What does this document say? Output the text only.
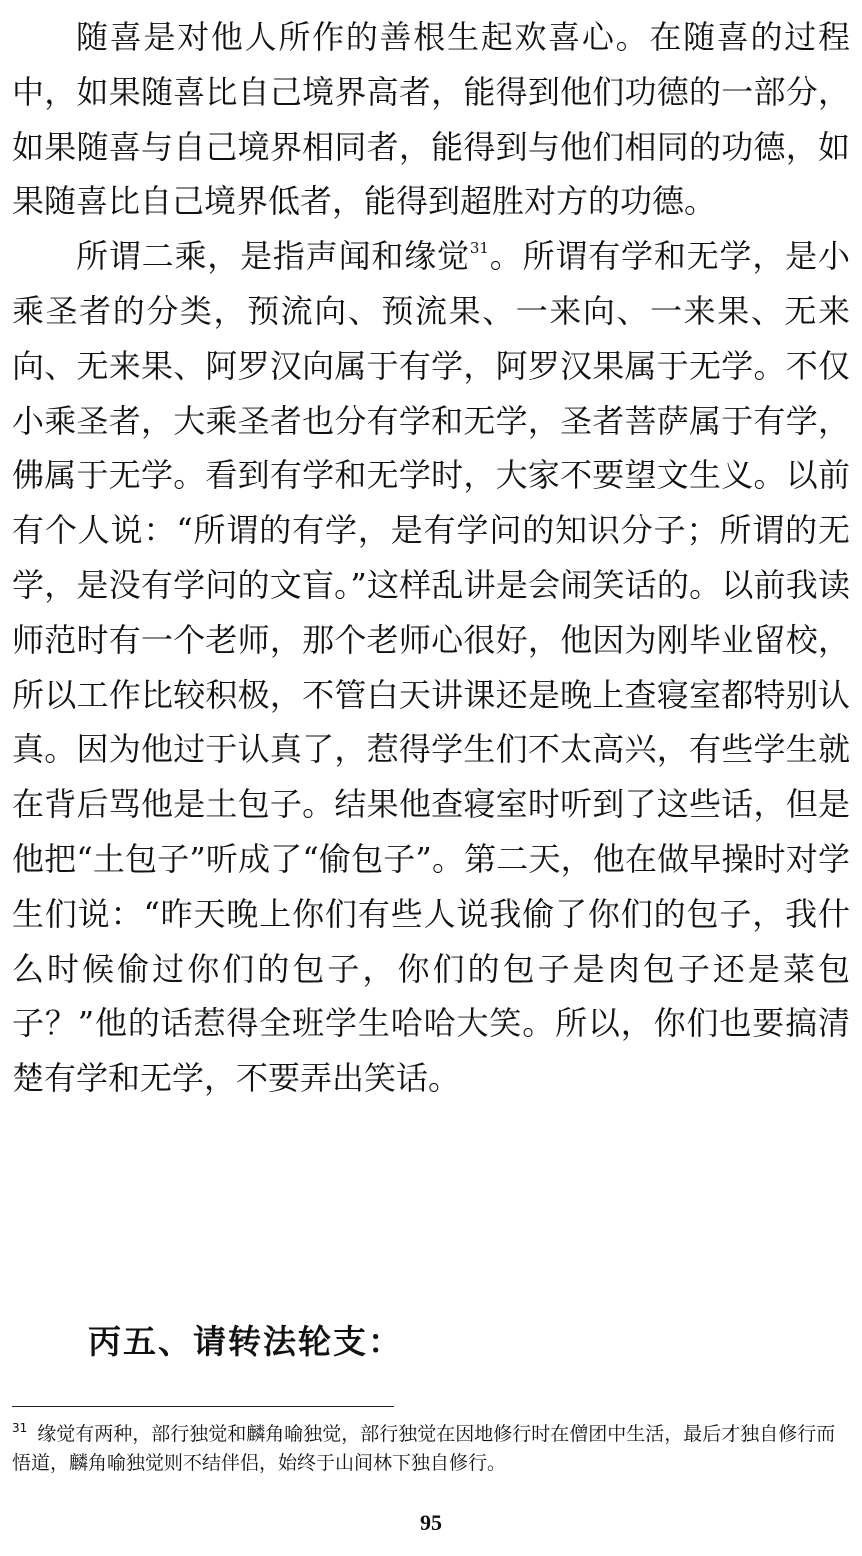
随喜是对他人所作的善根生起欢喜心。在随喜的过程中，如果随喜比自己境界高者，能得到他们功德的一部分，如果随喜与自己境界相同者，能得到与他们相同的功德，如果随喜比自己境界低者，能得到超胜对方的功德。

所谓二乘，是指声闻和缘觉$^{31}$。所谓有学和无学，是小乘圣者的分类，预流向、预流果、一来向、一来果、无来向、无来果、阿罗汉向属于有学，阿罗汉果属于无学。不仅小乘圣者，大乘圣者也分有学和无学，圣者菩萨属于有学，佛属于无学。看到有学和无学时，大家不要望文生义。以前有个人说：“所谓的有学，是有学问的知识分子；所谓的无学，是没有学问的文盲。”这样乱讲是会闹笑话的。以前我读师范时有一个老师，那个老师心很好，他因为刚毕业留校，所以工作比较积极，不管白天讲课还是晚上查寝室都特别认真。因为他过于认真了，惹得学生们不太高兴，有些学生就在背后骂他是土包子。结果他查寝室时听到了这些话，但是他把“土包子”听成了“偷包子”。第二天，他在做早操时对学生们说：“昨天晚上你们有些人说我偷了你们的包子，我什么时候偷过你们的包子，你们的包子是肉包子还是菜包子？”他的话惹得全班学生哈哈大笑。所以，你们也要搞清楚有学和无学，不要弄出笑话。

丙五、请转法轮支：

$^{31}$ 缘觉有两种，部行独觉和麟角喻独觉，部行独觉在因地修行时在僧团中生活，最后才独自修行而悟道，麟角喻独觉则不结伴侣，始终于山间林下独自修行。

95
